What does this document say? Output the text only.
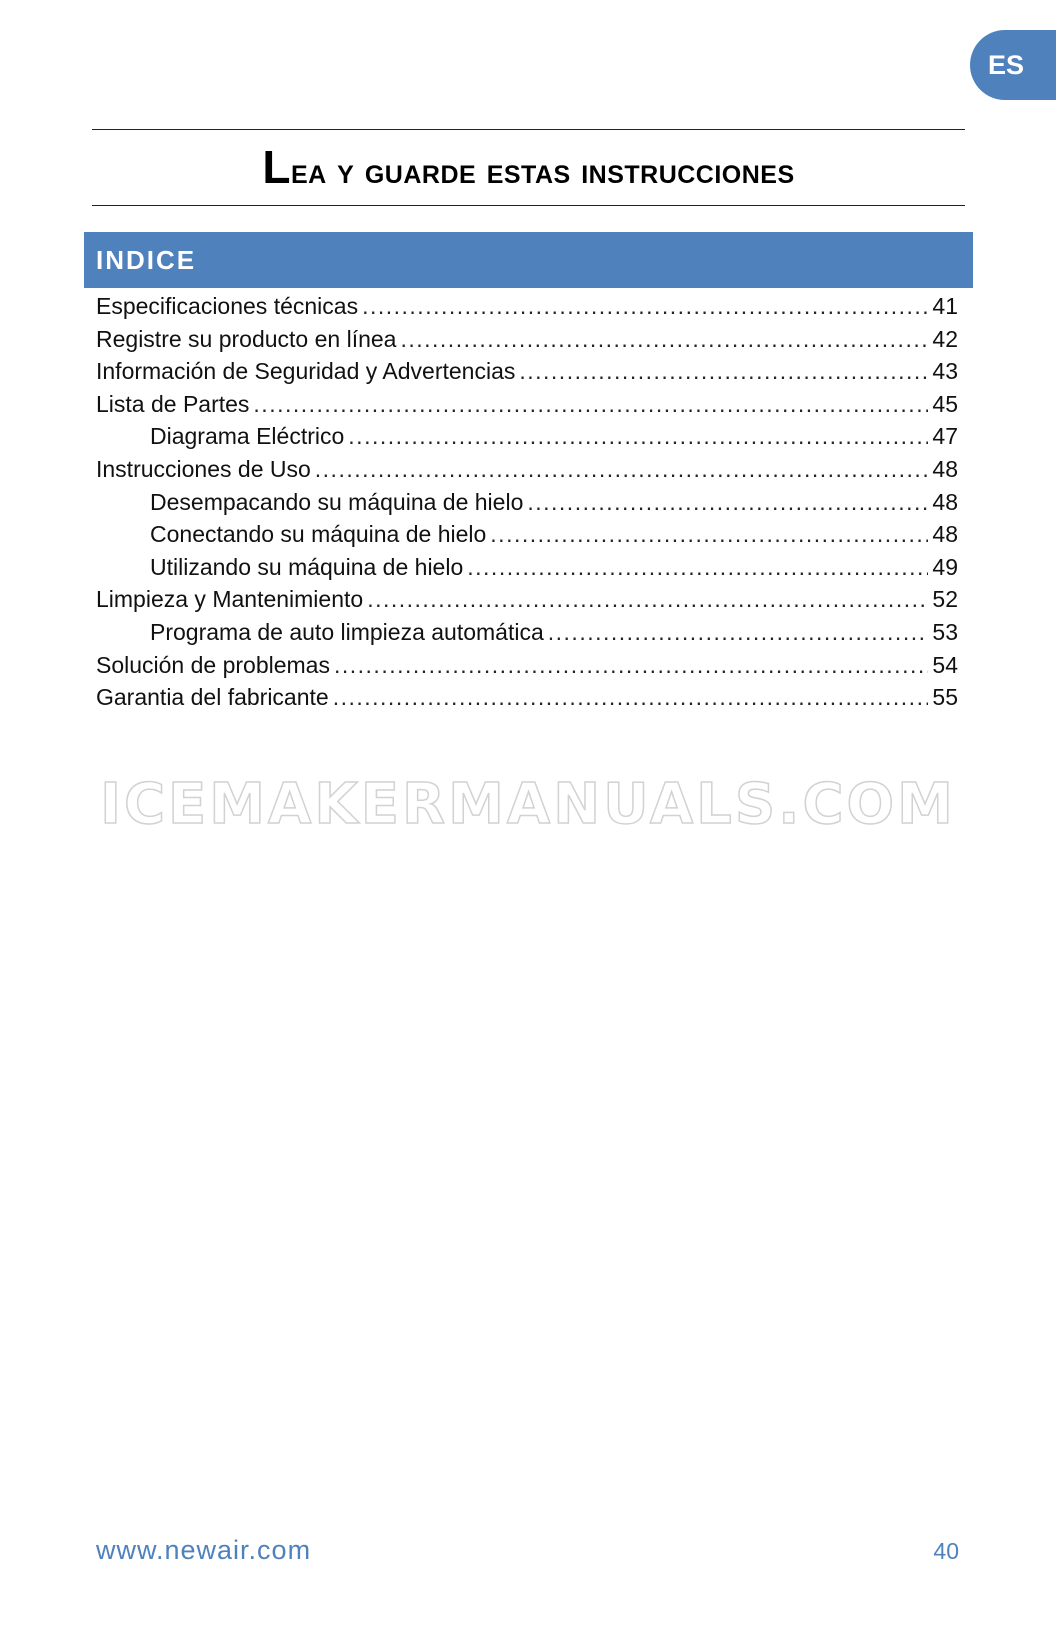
ES
Lea y guarde estas instrucciones
INDICE
Especificaciones técnicas .....	41
Registre su producto en línea .....	42
Información de Seguridad y Advertencias .....	43
Lista de Partes .....	45
Diagrama Eléctrico .....	47
Instrucciones de Uso .....	48
Desempacando su máquina de hielo .....	48
Conectando su máquina de hielo .....	48
Utilizando su máquina de hielo .....	49
Limpieza y Mantenimiento .....	52
Programa de auto limpieza automática .....	53
Solución de problemas .....	54
Garantia del fabricante .....	55
ICEMAKERMANUALS.COM
www.newair.com	40
